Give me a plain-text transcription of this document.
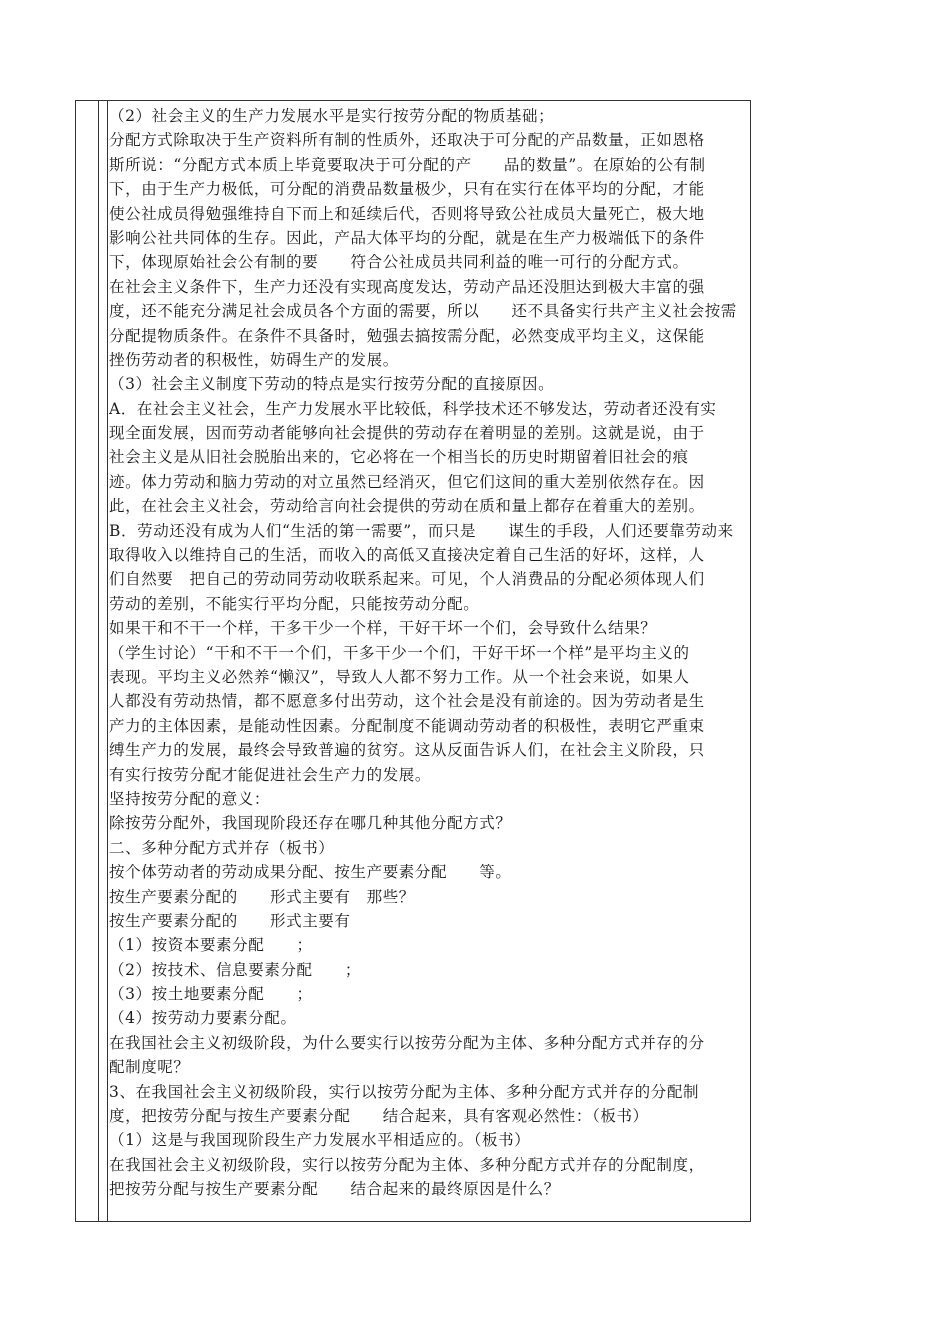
（2）社会主义的生产力发展水平是实行按劳分配的物质基础；
分配方式除取决于生产资料所有制的性质外，还取决于可分配的产品数量，正如恩格
斯所说：“分配方式本质上毕竟要取决于可分配的产　　品的数量”。在原始的公有制
下，由于生产力极低，可分配的消费品数量极少，只有在实行在体平均的分配，才能
使公社成员得勉强维持自下而上和延续后代，否则将导致公社成员大量死亡，极大地
影响公社共同体的生存。因此，产品大体平均的分配，就是在生产力极端低下的条件
下，体现原始社会公有制的要　　符合公社成员共同利益的唯一可行的分配方式。
在社会主义条件下，生产力还没有实现高度发达，劳动产品还没胆达到极大丰富的强
度，还不能充分满足社会成员各个方面的需要，所以　　还不具备实行共产主义社会按需
分配提物质条件。在条件不具备时，勉强去搞按需分配，必然变成平均主义，这保能
挫伤劳动者的积极性，妨碍生产的发展。
（3）社会主义制度下劳动的特点是实行按劳分配的直接原因。
A．在社会主义社会，生产力发展水平比较低，科学技术还不够发达，劳动者还没有实
现全面发展，因而劳动者能够向社会提供的劳动存在着明显的差别。这就是说，由于
社会主义是从旧社会脱胎出来的，它必将在一个相当长的历史时期留着旧社会的痕
迹。体力劳动和脑力劳动的对立虽然已经消灭，但它们这间的重大差别依然存在。因
此，在社会主义社会，劳动给言向社会提供的劳动在质和量上都存在着重大的差别。
B．劳动还没有成为人们“生活的第一需要”，而只是　　谋生的手段，人们还要靠劳动来
取得收入以维持自己的生活，而收入的高低又直接决定着自己生活的好坏，这样，人
们自然要　把自己的劳动同劳动收联系起来。可见，个人消费品的分配必须体现人们
劳动的差别，不能实行平均分配，只能按劳动分配。
如果干和不干一个样，干多干少一个样，干好干坏一个们，会导致什么结果？
（学生讨论）“干和不干一个们，干多干少一个们，干好干坏一个样”是平均主义的
表现。平均主义必然养“懒汉”，导致人人都不努力工作。从一个社会来说，如果人
人都没有劳动热情，都不愿意多付出劳动，这个社会是没有前途的。因为劳动者是生
产力的主体因素，是能动性因素。分配制度不能调动劳动者的积极性，表明它严重束
缚生产力的发展，最终会导致普遍的贫穷。这从反面告诉人们，在社会主义阶段，只
有实行按劳分配才能促进社会生产力的发展。
坚持按劳分配的意义：
除按劳分配外，我国现阶段还存在哪几种其他分配方式？
二、多种分配方式并存（板书）
按个体劳动者的劳动成果分配、按生产要素分配　　等。
按生产要素分配的　　形式主要有　那些？
按生产要素分配的　　形式主要有
（1）按资本要素分配　　；
（2）按技术、信息要素分配　　；
（3）按土地要素分配　　；
（4）按劳动力要素分配。
在我国社会主义初级阶段，为什么要实行以按劳分配为主体、多种分配方式并存的分
配制度呢？
3、在我国社会主义初级阶段，实行以按劳分配为主体、多种分配方式并存的分配制
度，把按劳分配与按生产要素分配　　结合起来，具有客观必然性：（板书）
（1）这是与我国现阶段生产力发展水平相适应的。（板书）
在我国社会主义初级阶段，实行以按劳分配为主体、多种分配方式并存的分配制度，
把按劳分配与按生产要素分配　　结合起来的最终原因是什么？
